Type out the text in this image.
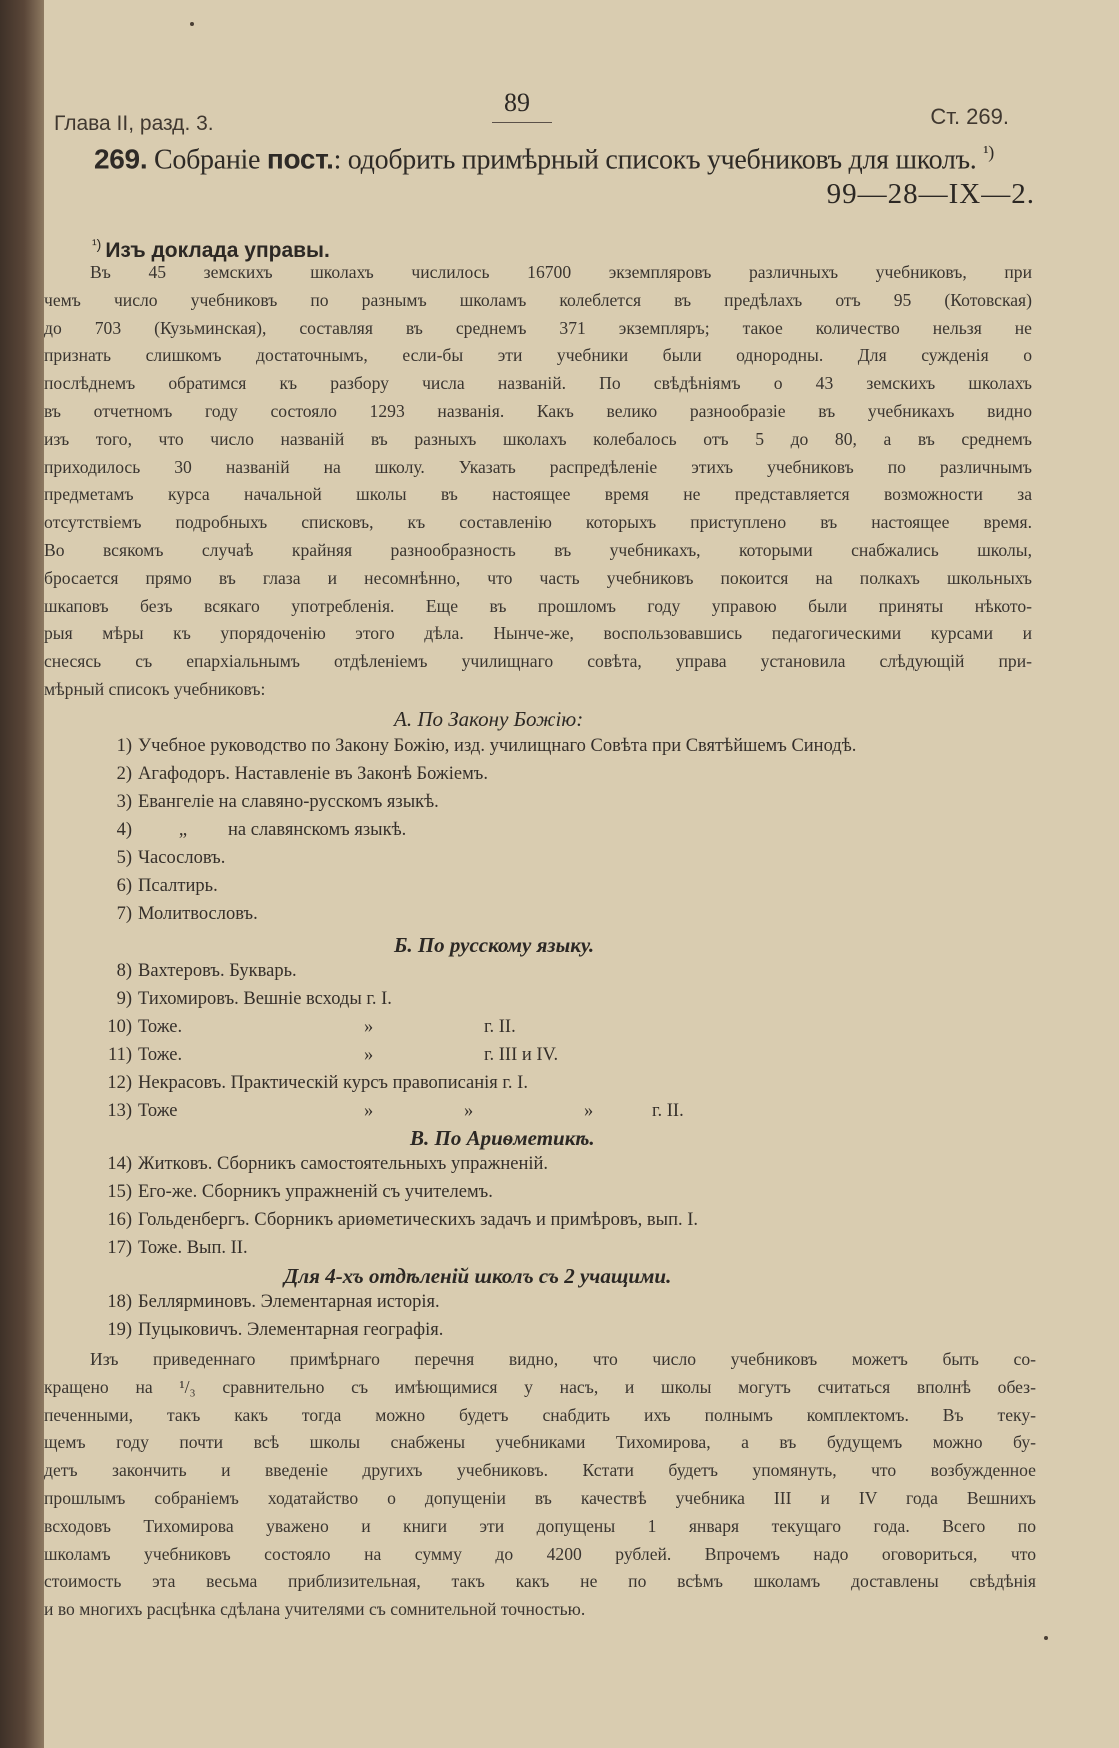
Глава II, разд. 3.
89	Ст. 269.
269. Собраніе пост.: одобрить примѣрный списокъ учебниковъ для школъ. $^{^1)}$
99—28—IX—2.
$^{^1)}$ Изъ доклада управы.
Въ 45 земскихъ школахъ числилось 16700 экземпляровъ различныхъ учебниковъ, при
чемъ число учебниковъ по разнымъ школамъ колеблется въ предѣлахъ отъ 95 (Котовская)
до 703 (Кузьминская), составляя въ среднемъ 371 экземпляръ; такое количество нельзя не
признать слишкомъ достаточнымъ, если-бы эти учебники были однородны. Для сужденія о
послѣднемъ обратимся къ разбору числа названій. По свѣдѣніямъ о 43 земскихъ школахъ
въ отчетномъ году состояло 1293 названія. Какъ велико разнообразіе въ учебникахъ видно
изъ того, что число названій въ разныхъ школахъ колебалось отъ 5 до 80, а въ среднемъ
приходилось 30 названій на школу. Указать распредѣленіе этихъ учебниковъ по различнымъ
предметамъ курса начальной школы въ настоящее время не представляется возможности за
отсутствіемъ подробныхъ списковъ, къ составленію которыхъ приступлено въ настоящее время.
Во всякомъ случаѣ крайняя разнообразность въ учебникахъ, которыми снабжались школы,
бросается прямо въ глаза и несомнѣнно, что часть учебниковъ покоится на полкахъ школьныхъ
шкаповъ безъ всякаго употребленія. Еще въ прошломъ году управою были приняты нѣкото-
рыя мѣры къ упорядоченію этого дѣла. Нынче-же, воспользовавшись педагогическими курсами и
снесясь съ епархіальнымъ отдѣленіемъ училищнаго совѣта, управа установила слѣдующій при-
мѣрный списокъ учебниковъ:
А. По Закону Божію:
1) Учебное руководство по Закону Божію, изд. училищнаго Совѣта при Святѣйшемъ Синодѣ.
2) Агафодоръ. Наставленіе въ Законѣ Божіемъ.
3) Евангеліе на славяно-русскомъ языкѣ.
4)	„ на славянскомъ языкѣ.
5) Часословъ.
6) Псалтирь.
7) Молитвословъ.
Б. По русскому языку.
8) Вахтеровъ. Букварь.
9) Тихомировъ. Вешніе всходы г. I.
10) Тоже.	»	г. II.
11) Тоже.	»	г. III и IV.
12) Некрасовъ. Практическій курсъ правописанія г. I.
13) Тоже	»	»	»	г. II.
В. По Ариѳметикѣ.
14) Житковъ. Сборникъ самостоятельныхъ упражненій.
15) Его-же. Сборникъ упражненій съ учителемъ.
16) Гольденбергъ. Сборникъ ариѳметическихъ задачъ и примѣровъ, вып. I.
17) Тоже. Вып. II.
Для 4-хъ отдѣленій школъ съ 2 учащими.
18) Беллярминовъ. Элементарная исторія.
19) Пуцыковичъ. Элементарная географія.
Изъ приведеннаго примѣрнаго перечня видно, что число учебниковъ можетъ быть со-
кращено на ¹/₃ сравнительно съ имѣющимися у насъ, и школы могутъ считаться вполнѣ обез-
печенными, такъ какъ тогда можно будетъ снабдить ихъ полнымъ комплектомъ. Въ теку-
щемъ году почти всѣ школы снабжены учебниками Тихомирова, а въ будущемъ можно бу-
детъ закончить и введеніе другихъ учебниковъ. Кстати будетъ упомянуть, что возбужденное
прошлымъ собраніемъ ходатайство о допущеніи въ качествѣ учебника III и IV года Вешнихъ
всходовъ Тихомирова уважено и книги эти допущены 1 января текущаго года. Всего по
школамъ учебниковъ состояло на сумму до 4200 рублей. Впрочемъ надо оговориться, что
стоимость эта весьма приблизительная, такъ какъ не по всѣмъ школамъ доставлены свѣдѣнія
и во многихъ расцѣнка сдѣлана учителями съ сомнительной точностью.
